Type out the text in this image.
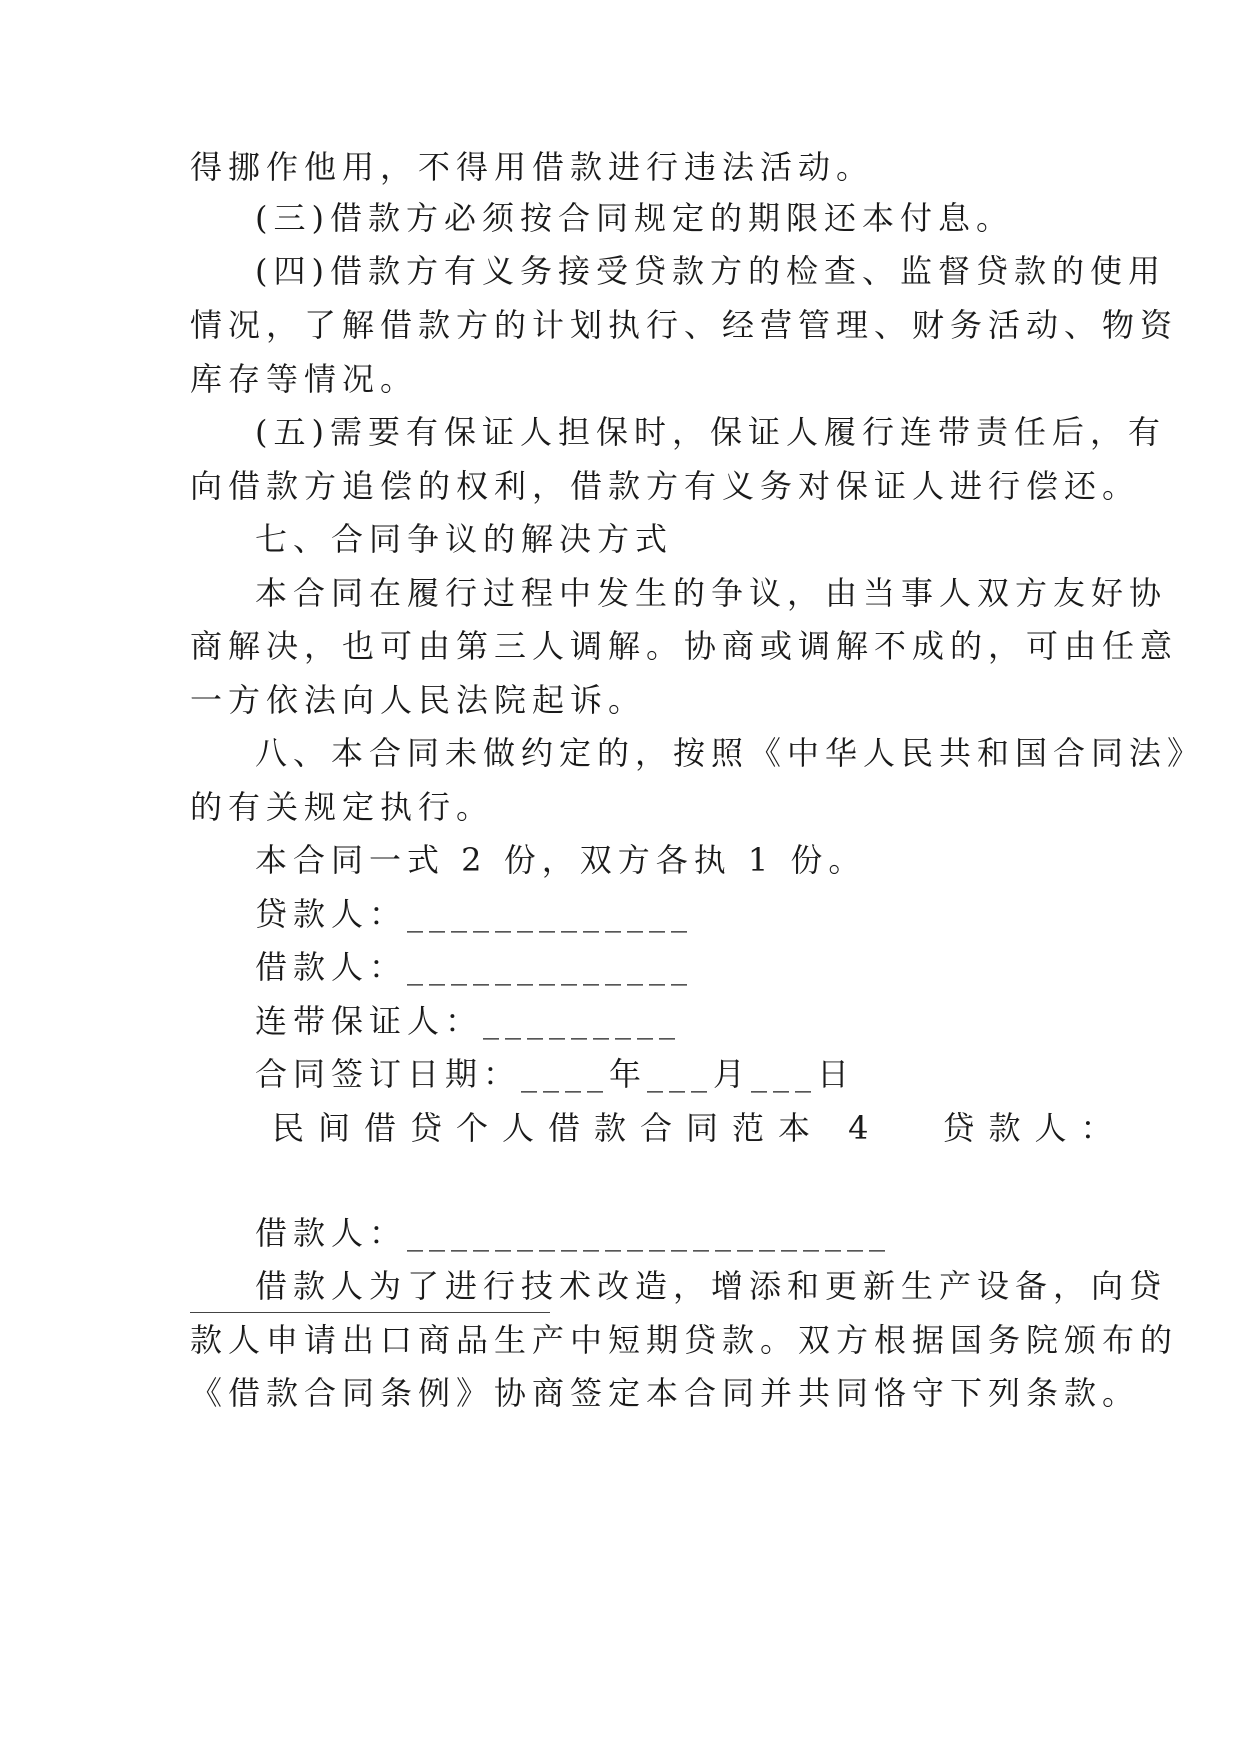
得挪作他用，不得用借款进行违法活动。
(三)借款方必须按合同规定的期限还本付息。
(四)借款方有义务接受贷款方的检查、监督贷款的使用
情况，了解借款方的计划执行、经营管理、财务活动、物资
库存等情况。
(五)需要有保证人担保时，保证人履行连带责任后，有
向借款方追偿的权利，借款方有义务对保证人进行偿还。
七、合同争议的解决方式
本合同在履行过程中发生的争议，由当事人双方友好协
商解决，也可由第三人调解。协商或调解不成的，可由任意
一方依法向人民法院起诉。
八、本合同未做约定的，按照《中华人民共和国合同法》
的有关规定执行。
本合同一式 2 份，双方各执 1 份。
贷款人：_____________
借款人：_____________
连带保证人：_________
合同签订日期：____年___月___日
民间借贷个人借款合同范本 4 贷款人：
借款人：______________________
借款人为了进行技术改造，增添和更新生产设备，向贷
款人申请出口商品生产中短期贷款。双方根据国务院颁布的
《借款合同条例》协商签定本合同并共同恪守下列条款。
